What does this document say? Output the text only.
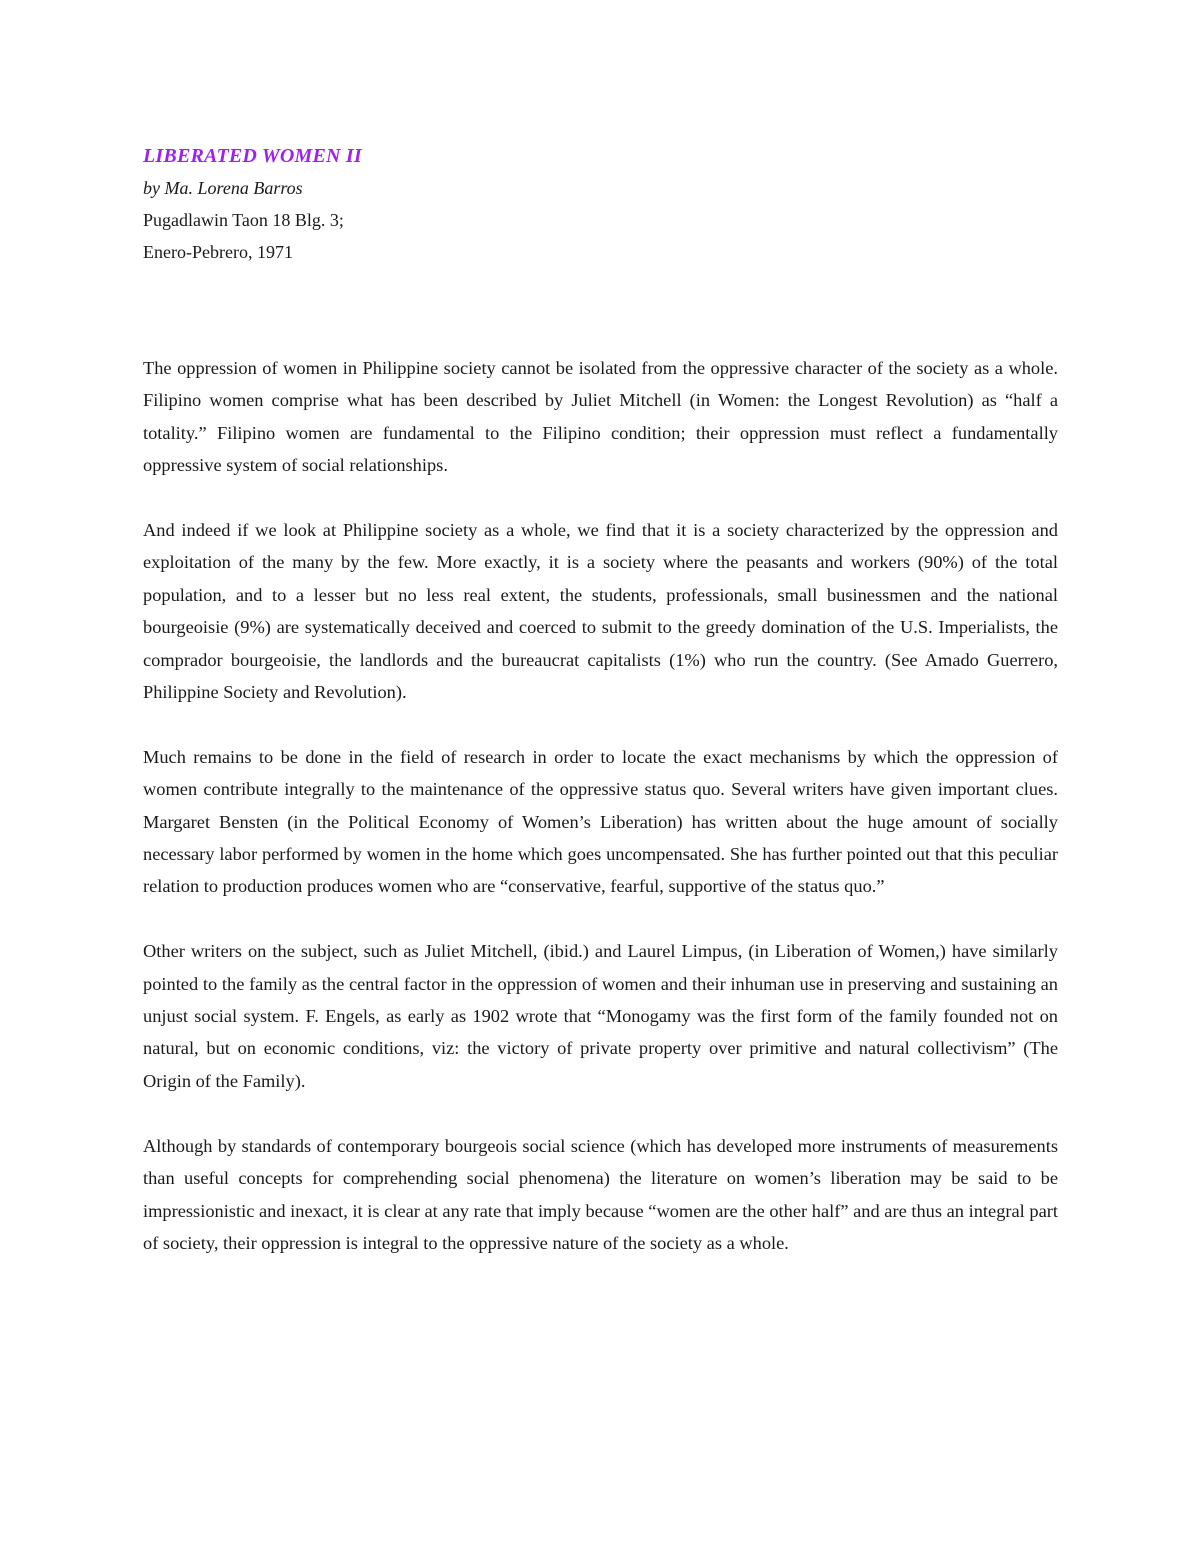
LIBERATED WOMEN II

by Ma. Lorena Barros

Pugadlawin Taon 18 Blg. 3;

Enero-Pebrero, 1971

The oppression of women in Philippine society cannot be isolated from the oppressive character of the society as a whole. Filipino women comprise what has been described by Juliet Mitchell (in Women: the Longest Revolution) as “half a totality.” Filipino women are fundamental to the Filipino condition; their oppression must reflect a fundamentally oppressive system of social relationships.

And indeed if we look at Philippine society as a whole, we find that it is a society characterized by the oppression and exploitation of the many by the few. More exactly, it is a society where the peasants and workers (90%) of the total population, and to a lesser but no less real extent, the students, professionals, small businessmen and the national bourgeoisie (9%) are systematically deceived and coerced to submit to the greedy domination of the U.S. Imperialists, the comprador bourgeoisie, the landlords and the bureaucrat capitalists (1%) who run the country. (See Amado Guerrero, Philippine Society and Revolution).

Much remains to be done in the field of research in order to locate the exact mechanisms by which the oppression of women contribute integrally to the maintenance of the oppressive status quo. Several writers have given important clues. Margaret Bensten (in the Political Economy of Women’s Liberation) has written about the huge amount of socially necessary labor performed by women in the home which goes uncompensated. She has further pointed out that this peculiar relation to production produces women who are “conservative, fearful, supportive of the status quo.”

Other writers on the subject, such as Juliet Mitchell, (ibid.) and Laurel Limpus, (in Liberation of Women,) have similarly pointed to the family as the central factor in the oppression of women and their inhuman use in preserving and sustaining an unjust social system. F. Engels, as early as 1902 wrote that “Monogamy was the first form of the family founded not on natural, but on economic conditions, viz: the victory of private property over primitive and natural collectivism” (The Origin of the Family).

Although by standards of contemporary bourgeois social science (which has developed more instruments of measurements than useful concepts for comprehending social phenomena) the literature on women’s liberation may be said to be impressionistic and inexact, it is clear at any rate that imply because “women are the other half” and are thus an integral part of society, their oppression is integral to the oppressive nature of the society as a whole.
